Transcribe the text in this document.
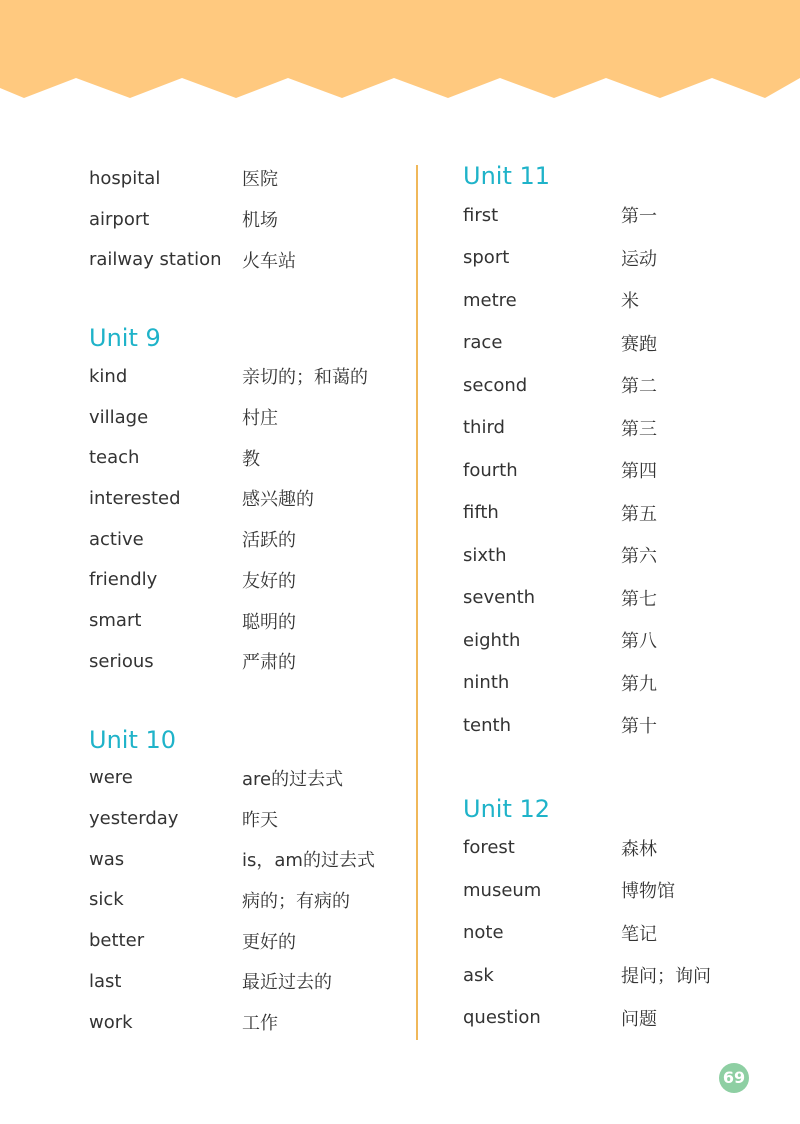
hospital	医院
airport	机场
railway station	火车站
Unit 9
kind	亲切的；和蔼的
village	村庄
teach	教
interested	感兴趣的
active	活跃的
friendly	友好的
smart	聪明的
serious	严肃的
Unit 10
were	are的过去式
yesterday	昨天
was	is，am的过去式
sick	病的；有病的
better	更好的
last	最近过去的
work	工作
Unit 11
first	第一
sport	运动
metre	米
race	赛跑
second	第二
third	第三
fourth	第四
fifth	第五
sixth	第六
seventh	第七
eighth	第八
ninth	第九
tenth	第十
Unit 12
forest	森林
museum	博物馆
note	笔记
ask	提问；询问
question	问题
69
